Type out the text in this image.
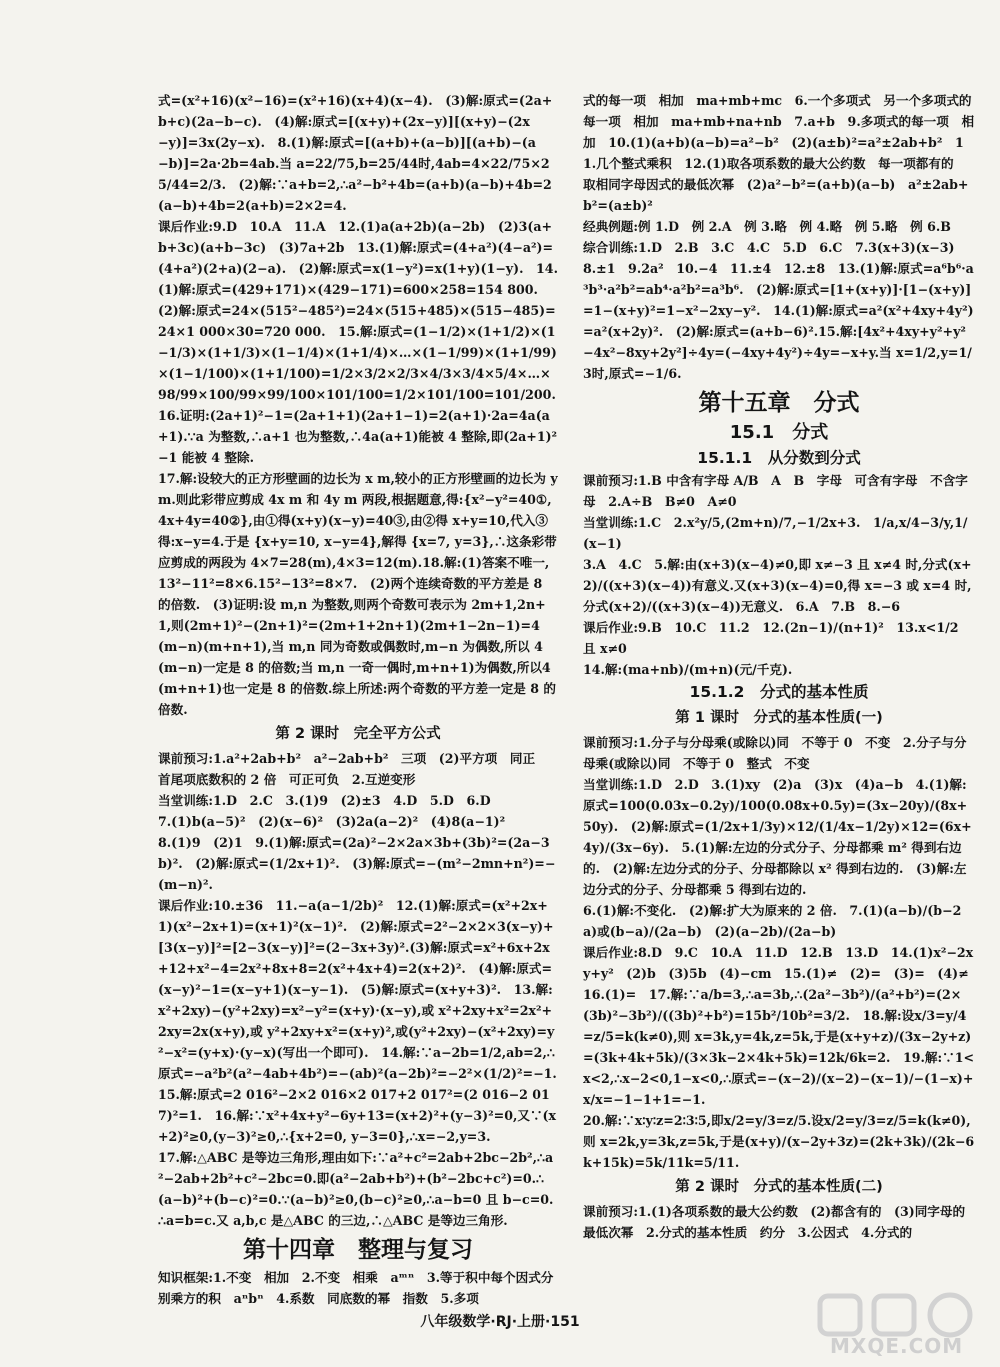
式=(x²+16)(x²−16)=(x²+16)(x+4)(x−4).　(3)解:原式=(2a+b+c)(2a−b−c).　(4)解:原式=[(x+y)+(2x−y)][(x+y)−(2x−y)]=3x(2y−x).　8.(1)解:原式=[(a+b)+(a−b)][(a+b)−(a−b)]=2a·2b=4ab.当 a=22/75,b=25/44时,4ab=4×22/75×25/44=2/3.　(2)解:∵a+b=2,∴a²−b²+4b=(a+b)(a−b)+4b=2(a−b)+4b=2(a+b)=2×2=4.

课后作业:9.D　10.A　11.A　12.(1)a(a+2b)(a−2b)　(2)3(a+b+3c)(a+b−3c)　(3)7a+2b　13.(1)解:原式=(4+a²)(4−a²)=(4+a²)(2+a)(2−a).　(2)解:原式=x(1−y²)=x(1+y)(1−y).　14.(1)解:原式=(429+171)×(429−171)=600×258=154 800.　(2)解:原式=24×(515²−485²)=24×(515+485)×(515−485)=24×1 000×30=720 000.　15.解:原式=(1−1/2)×(1+1/2)×(1−1/3)×(1+1/3)×(1−1/4)×(1+1/4)×…×(1−1/99)×(1+1/99)×(1−1/100)×(1+1/100)=1/2×3/2×2/3×4/3×3/4×5/4×…×98/99×100/99×99/100×101/100=1/2×101/100=101/200.　16.证明:(2a+1)²−1=(2a+1+1)(2a+1−1)=2(a+1)·2a=4a(a+1).∵a 为整数,∴a+1 也为整数,∴4a(a+1)能被 4 整除,即(2a+1)²−1 能被 4 整除.

17.解:设较大的正方形壁画的边长为 x m,较小的正方形壁画的边长为 y m.则此彩带应剪成 4x m 和 4y m 两段,根据题意,得:{x²−y²=40①, 4x+4y=40②},由①得(x+y)(x−y)=40③,由②得 x+y=10,代入③得:x−y=4.于是 {x+y=10, x−y=4},解得 {x=7, y=3},∴这条彩带应剪成的两段为 4×7=28(m),4×3=12(m).18.解:(1)答案不唯一,13²−11²=8×6.15²−13²=8×7.　(2)两个连续奇数的平方差是 8 的倍数.　(3)证明:设 m,n 为整数,则两个奇数可表示为 2m+1,2n+1,则(2m+1)²−(2n+1)²=(2m+1+2n+1)(2m+1−2n−1)=4(m−n)(m+n+1),当 m,n 同为奇数或偶数时,m−n 为偶数,所以 4(m−n)一定是 8 的倍数;当 m,n 一奇一偶时,m+n+1)为偶数,所以4(m+n+1)也一定是 8 的倍数.综上所述:两个奇数的平方差一定是 8 的倍数.

第 2 课时　完全平方公式

课前预习:1.a²+2ab+b²　a²−2ab+b²　三项　(2)平方项　同正　首尾项底数积的 2 倍　可正可负　2.互逆变形

当堂训练:1.D　2.C　3.(1)9　(2)±3　4.D　5.D　6.D

7.(1)b(a−5)²　(2)(x−6)²　(3)2a(a−2)²　(4)8(a−1)²

8.(1)9　(2)1　9.(1)解:原式=(2a)²−2×2a×3b+(3b)²=(2a−3b)².　(2)解:原式=(1/2x+1)².　(3)解:原式=−(m²−2mn+n²)=−(m−n)².

课后作业:10.±36　11.−a(a−1/2b)²　12.(1)解:原式=(x²+2x+1)(x²−2x+1)=(x+1)²(x−1)².　(2)解:原式=2²−2×2×3(x−y)+[3(x−y)]²=[2−3(x−y)]²=(2−3x+3y)².(3)解:原式=x²+6x+2x+12+x²−4=2x²+8x+8=2(x²+4x+4)=2(x+2)².　(4)解:原式=(x−y)²−1=(x−y+1)(x−y−1).　(5)解:原式=(x+y+3)².　13.解:x²+2xy)−(y²+2xy)=x²−y²=(x+y)·(x−y),或 x²+2xy+x²=2x²+2xy=2x(x+y),或 y²+2xy+x²=(x+y)²,或(y²+2xy)−(x²+2xy)=y²−x²=(y+x)·(y−x)(写出一个即可).　14.解:∵a−2b=1/2,ab=2,∴原式=−a²b²(a²−4ab+4b²)=−(ab)²(a−2b)²=−2²×(1/2)²=−1.　15.解:原式=2 016²−2×2 016×2 017+2 017²=(2 016−2 017)²=1.　16.解:∵x²+4x+y²−6y+13=(x+2)²+(y−3)²=0,又∵(x+2)²≥0,(y−3)²≥0,∴{x+2=0, y−3=0},∴x=−2,y=3.

17.解:△ABC 是等边三角形,理由如下:∵a²+c²=2ab+2bc−2b²,∴a²−2ab+2b²+c²−2bc=0.即(a²−2ab+b²)+(b²−2bc+c²)=0.∴(a−b)²+(b−c)²=0.∵(a−b)²≥0,(b−c)²≥0,∴a−b=0 且 b−c=0.∴a=b=c.又 a,b,c 是△ABC 的三边,∴△ABC 是等边三角形.

第十四章　整理与复习

知识框架:1.不变　相加　2.不变　相乘　aᵐⁿ　3.等于积中每个因式分别乘方的积　aⁿbⁿ　4.系数　同底数的幂　指数　5.多项

式的每一项　相加　ma+mb+mc　6.一个多项式　另一个多项式的每一项　相加　ma+mb+na+nb　7.a+b　9.多项式的每一项　相加　10.(1)(a+b)(a−b)=a²−b²　(2)(a±b)²=a²±2ab+b²　11.几个整式乘积　12.(1)取各项系数的最大公约数　每一项都有的　取相同字母因式的最低次幂　(2)a²−b²=(a+b)(a−b)　a²±2ab+b²=(a±b)²

经典例题:例 1.D　例 2.A　例 3.略　例 4.略　例 5.略　例 6.B

综合训练:1.D　2.B　3.C　4.C　5.D　6.C　7.3(x+3)(x−3)　8.±1　9.2a²　10.−4　11.±4　12.±8　13.(1)解:原式=a⁶b⁶·a³b³·a²b²=ab⁴·a²b²=a³b⁶.　(2)解:原式=[1+(x+y)]·[1−(x+y)]=1−(x+y)²=1−x²−2xy−y².　14.(1)解:原式=a²(x²+4xy+4y²)=a²(x+2y)².　(2)解:原式=(a+b−6)².15.解:[4x²+4xy+y²+y²−4x²−8xy+2y²]÷4y=(−4xy+4y²)÷4y=−x+y.当 x=1/2,y=1/3时,原式=−1/6.

第十五章　分式
15.1　分式
15.1.1　从分数到分式

课前预习:1.B 中含有字母 A/B　A　B　字母　可含有字母　不含字母　2.A÷B　B≠0　A≠0

当堂训练:1.C　2.x²y/5,(2m+n)/7,−1/2x+3.　1/a,x/4−3/y,1/(x−1)

3.A　4.C　5.解:由(x+3)(x−4)≠0,即 x≠−3 且 x≠4 时,分式(x+2)/((x+3)(x−4))有意义.又(x+3)(x−4)=0,得 x=−3 或 x=4 时,分式(x+2)/((x+3)(x−4))无意义.　6.A　7.B　8.−6

课后作业:9.B　10.C　11.2　12.(2n−1)/(n+1)²　13.x<1/2 且 x≠0

14.解:(ma+nb)/(m+n)(元/千克).

15.1.2　分式的基本性质
第 1 课时　分式的基本性质(一)

课前预习:1.分子与分母乘(或除以)同　不等于 0　不变　2.分子与分母乘(或除以)同　不等于 0　整式　不变

当堂训练:1.D　2.D　3.(1)xy　(2)a　(3)x　(4)a−b　4.(1)解:原式=100(0.03x−0.2y)/100(0.08x+0.5y)=(3x−20y)/(8x+50y).　(2)解:原式=(1/2x+1/3y)×12/(1/4x−1/2y)×12=(6x+4y)/(3x−6y).　5.(1)解:左边的分式分子、分母都乘 m² 得到右边的.　(2)解:左边分式的分子、分母都除以 x² 得到右边的.　(3)解:左边分式的分子、分母都乘 5 得到右边的.

6.(1)解:不变化.　(2)解:扩大为原来的 2 倍.　7.(1)(a−b)/(b−2a)或(b−a)/(2a−b)　(2)(a−2b)/(2a−b)

课后作业:8.D　9.C　10.A　11.D　12.B　13.D　14.(1)x²−2xy+y²　(2)b　(3)5b　(4)−cm　15.(1)≠　(2)=　(3)=　(4)≠　16.(1)=　17.解:∵a/b=3,∴a=3b,∴(2a²−3b²)/(a²+b²)=(2×(3b)²−3b²)/((3b)²+b²)=15b²/10b²=3/2.　18.解:设x/3=y/4=z/5=k(k≠0),则 x=3k,y=4k,z=5k,于是(x+y+z)/(3x−2y+z)=(3k+4k+5k)/(3×3k−2×4k+5k)=12k/6k=2.　19.解:∵1<x<2,∴x−2<0,1−x<0,∴原式=−(x−2)/(x−2)−(x−1)/−(1−x)+x/x=−1−1+1=−1.

20.解:∵x∶y∶z=2∶3∶5,即x/2=y/3=z/5.设x/2=y/3=z/5=k(k≠0),则 x=2k,y=3k,z=5k,于是(x+y)/(x−2y+3z)=(2k+3k)/(2k−6k+15k)=5k/11k=5/11.

第 2 课时　分式的基本性质(二)

课前预习:1.(1)各项系数的最大公约数　(2)都含有的　(3)同字母的最低次幂　2.分式的基本性质　约分　3.公因式　4.分式的

八年级数学·RJ·上册·151
MXQE.COM
